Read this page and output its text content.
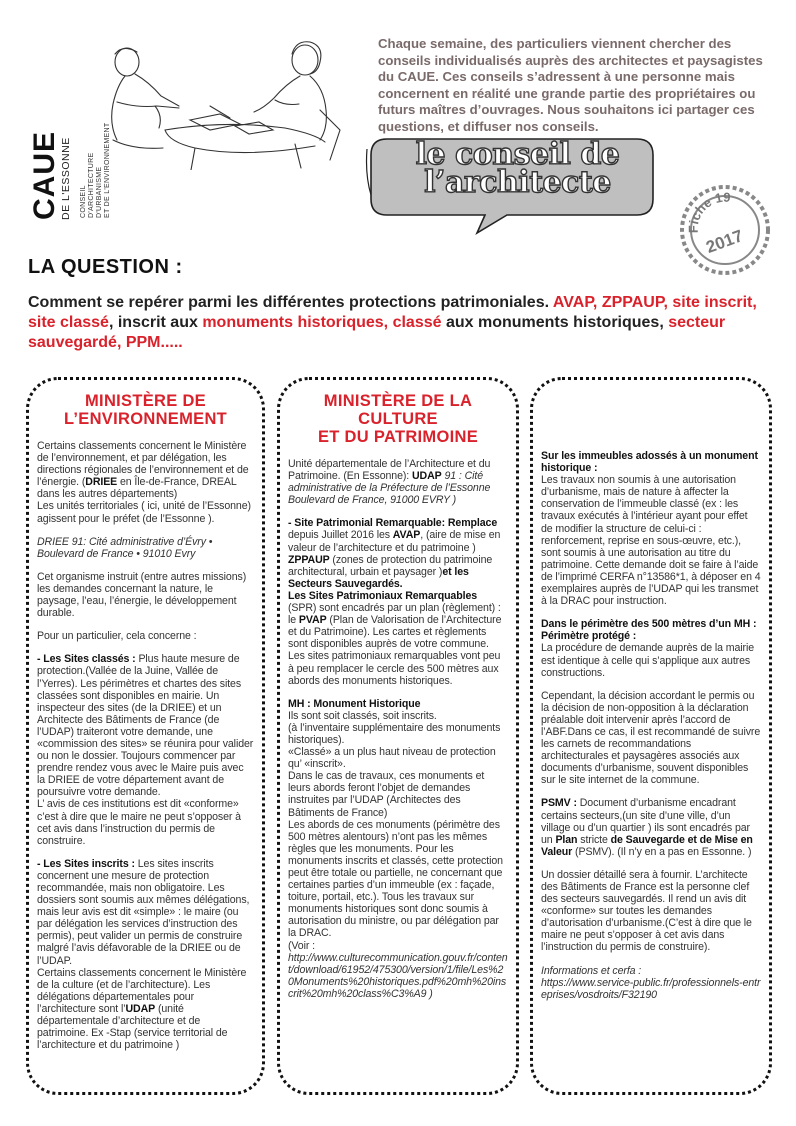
CAUE DE L'ESSONNE CONSEIL D'ARCHITECTURE D'URBANISME ET DE L'ENVIRONNEMENT
Chaque semaine, des particuliers viennent chercher des conseils individualisés auprès des architectes et paysagistes du CAUE. Ces conseils s’adressent à une personne mais concernent en réalité une grande partie des propriétaires ou futurs maîtres d’ouvrages. Nous souhaitons ici partager ces questions, et diffuser nos conseils.
le conseil de
l’architecte
Fiche 19
2017
LA QUESTION :
Comment se repérer parmi les différentes protections patrimoniales. AVAP, ZPPAUP, site inscrit, site classé, inscrit aux monuments historiques, classé aux monuments historiques, secteur sauvegardé, PPM.....
MINISTÈRE DE L’ENVIRONNEMENT

Certains classements concernent le Ministère de l’environnement, et par délégation, les directions régionales de l’environnement et de l’énergie. (DRIEE en Île-de-France, DREAL dans les autres départements)
Les unités territoriales ( ici, unité de l’Essonne) agissent pour le préfet (de l’Essonne ).

DRIEE 91: Cité administrative d’Évry • Boulevard de France • 91010 Evry

Cet organisme instruit (entre autres missions) les demandes concernant la nature, le paysage, l’eau, l’énergie, le développement durable.

Pour un particulier, cela concerne :

- Les Sites classés : Plus haute mesure de protection.(Vallée de la Juine, Vallée de l’Yerres). Les périmètres et chartes des sites classées sont disponibles en mairie. Un inspecteur des sites (de la DRIEE) et un Architecte des Bâtiments de France (de l’UDAP) traiteront votre demande, une «commission des sites» se réunira pour valider ou non le dossier. Toujours commencer par prendre rendez vous avec le Maire puis avec la DRIEE de votre département avant de poursuivre votre demande.
L’ avis de ces institutions est dit «conforme» c’est à dire que le maire ne peut s’opposer à cet avis dans l’instruction du permis de construire.

- Les Sites inscrits : Les sites inscrits concernent une mesure de protection recommandée, mais non obligatoire. Les dossiers sont soumis aux mêmes délégations, mais leur avis est dit «simple» : le maire (ou par délégation les services d’instruction des permis), peut valider un permis de construire malgré l’avis défavorable de la DRIEE ou de l’UDAP.
Certains classements concernent le Ministère de la culture (et de l’architecture). Les délégations départementales pour l’architecture sont l’UDAP (unité départementale d’architecture et de patrimoine. Ex -Stap (service territorial de l’architecture et du patrimoine )

MINISTÈRE DE LA CULTURE
ET DU PATRIMOINE

Unité départementale de l’Architecture et du Patrimoine. (En Essonne): UDAP 91 : Cité administrative de la Préfecture de l’Essonne Boulevard de France, 91000 EVRY )

- Site Patrimonial Remarquable: Remplace depuis Juillet 2016 les AVAP, (aire de mise en valeur de l’architecture et du patrimoine )
ZPPAUP (zones de protection du patrimoine architectural, urbain et paysager )et les Secteurs Sauvegardés.
Les Sites Patrimoniaux Remarquables (SPR) sont encadrés par un plan (règlement) : le PVAP (Plan de Valorisation de l’Architecture et du Patrimoine). Les cartes et règlements sont disponibles auprès de votre commune.
Les sites patrimoniaux remarquables vont peu à peu remplacer le cercle des 500 mètres aux abords des monuments historiques.

MH : Monument Historique
Ils sont soit classés, soit inscrits.
(à l’inventaire supplémentaire des monuments historiques).
«Classé» a un plus haut niveau de protection qu’ «inscrit».
Dans le cas de travaux, ces monuments et leurs abords feront l’objet de demandes instruites par l’UDAP (Architectes des Bâtiments de France)
Les abords de ces monuments (périmètre des 500 mètres alentours) n’ont pas les mêmes règles que les monuments. Pour les monuments inscrits et classés, cette protection peut être totale ou partielle, ne concernant que certaines parties d’un immeuble (ex : façade, toiture, portail, etc.). Tous les travaux sur monuments historiques sont donc soumis à autorisation du ministre, ou par délégation par la DRAC.
(Voir :
http://www.culturecommunication.gouv.fr/content/download/61952/475300/version/1/file/Les%20Monuments%20historiques.pdf%20mh%20inscrit%20mh%20class%C3%A9 )

Sur les immeubles adossés à un monument historique :
Les travaux non soumis à une autorisation d’urbanisme, mais de nature à affecter la conservation de l’immeuble classé (ex : les travaux exécutés à l’intérieur ayant pour effet de modifier la structure de celui-ci : renforcement, reprise en sous-œuvre, etc.), sont soumis à une autorisation au titre du patrimoine. Cette demande doit se faire à l’aide de l’imprimé CERFA n°13586*1, à déposer en 4 exemplaires auprès de l’UDAP qui les transmet à la DRAC pour instruction.

Dans le périmètre des 500 mètres d’un MH : Périmètre protégé :
La procédure de demande auprès de la mairie est identique à celle qui s’applique aux autres constructions.

Cependant, la décision accordant le permis ou la décision de non-opposition à la déclaration préalable doit intervenir après l’accord de l’ABF.Dans ce cas, il est recommandé de suivre les carnets de recommandations architecturales et paysagères associés aux documents d’urbanisme, souvent disponibles sur le site internet de la commune.

PSMV : Document d’urbanisme encadrant certains secteurs,(un site d’une ville, d’un village ou d’un quartier ) ils sont encadrés par un Plan stricte de Sauvegarde et de Mise en Valeur (PSMV). (Il n’y en a pas en Essonne. )

Un dossier détaillé sera à fournir. L’architecte des Bâtiments de France est la personne clef des secteurs sauvegardés. Il rend un avis dit «conforme» sur toutes les demandes d’autorisation d’urbanisme.(C’est à dire que le maire ne peut s’opposer à cet avis dans l’instruction du permis de construire).

Informations et cerfa :
https://www.service-public.fr/professionnels-entreprises/vosdroits/F32190
